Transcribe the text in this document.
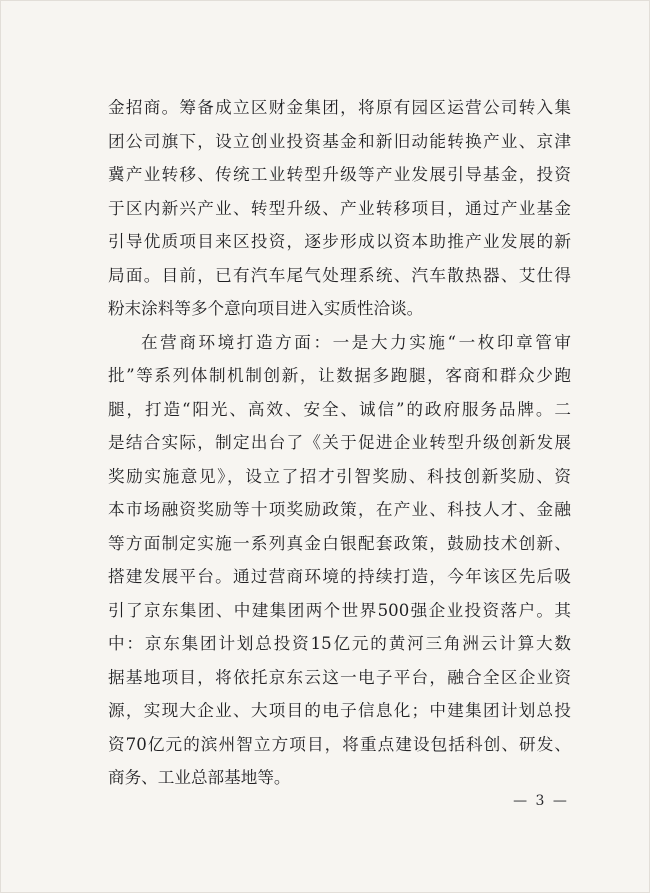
金招商。筹备成立区财金集团，将原有园区运营公司转入集
团公司旗下，设立创业投资基金和新旧动能转换产业、京津
冀产业转移、传统工业转型升级等产业发展引导基金，投资
于区内新兴产业、转型升级、产业转移项目，通过产业基金
引导优质项目来区投资，逐步形成以资本助推产业发展的新
局面。目前，已有汽车尾气处理系统、汽车散热器、艾仕得
粉末涂料等多个意向项目进入实质性洽谈。
在营商环境打造方面：一是大力实施“一枚印章管审
批”等系列体制机制创新，让数据多跑腿，客商和群众少跑
腿，打造“阳光、高效、安全、诚信”的政府服务品牌。二
是结合实际，制定出台了《关于促进企业转型升级创新发展
奖励实施意见》，设立了招才引智奖励、科技创新奖励、资
本市场融资奖励等十项奖励政策，在产业、科技人才、金融
等方面制定实施一系列真金白银配套政策，鼓励技术创新、
搭建发展平台。通过营商环境的持续打造，今年该区先后吸
引了京东集团、中建集团两个世界500强企业投资落户。其
中：京东集团计划总投资15亿元的黄河三角洲云计算大数
据基地项目，将依托京东云这一电子平台，融合全区企业资
源，实现大企业、大项目的电子信息化；中建集团计划总投
资70亿元的滨州智立方项目，将重点建设包括科创、研发、
商务、工业总部基地等。
— 3 —
